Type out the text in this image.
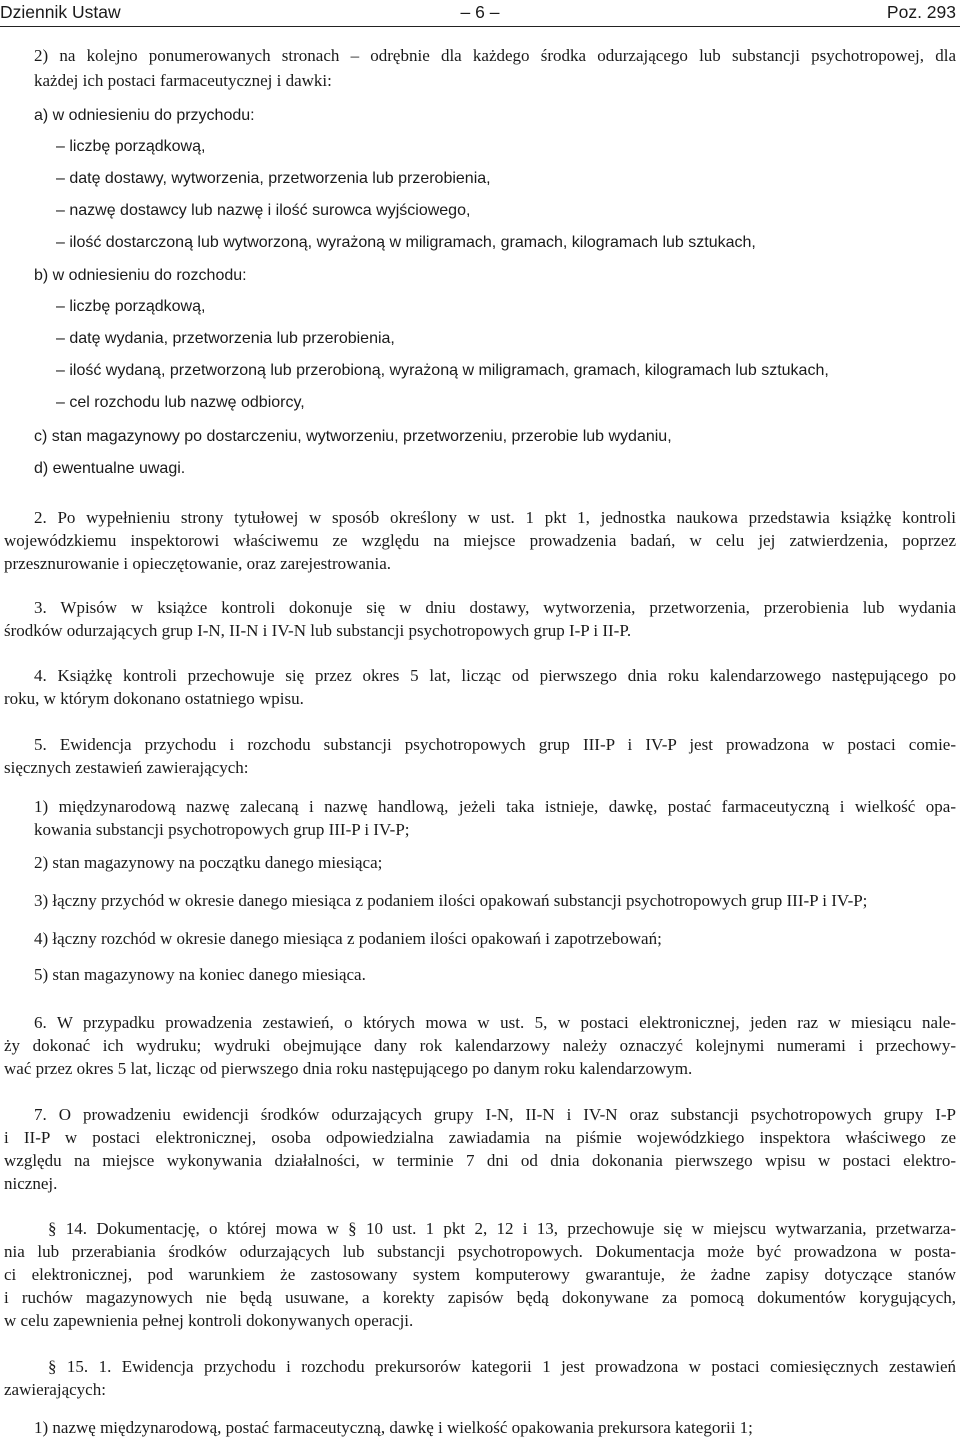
Dziennik Ustaw	– 6 –	Poz. 293
2) na kolejno ponumerowanych stronach – odrębnie dla każdego środka odurzającego lub substancji psychotropowej, dla
każdej ich postaci farmaceutycznej i dawki:
a) w odniesieniu do przychodu:
– liczbę porządkową,
– datę dostawy, wytworzenia, przetworzenia lub przerobienia,
– nazwę dostawcy lub nazwę i ilość surowca wyjściowego,
– ilość dostarczoną lub wytworzoną, wyrażoną w miligramach, gramach, kilogramach lub sztukach,
b) w odniesieniu do rozchodu:
– liczbę porządkową,
– datę wydania, przetworzenia lub przerobienia,
– ilość wydaną, przetworzoną lub przerobioną, wyrażoną w miligramach, gramach, kilogramach lub sztukach,
– cel rozchodu lub nazwę odbiorcy,
c) stan magazynowy po dostarczeniu, wytworzeniu, przetworzeniu, przerobie lub wydaniu,
d) ewentualne uwagi.
2. Po wypełnieniu strony tytułowej w sposób określony w ust. 1 pkt 1, jednostka naukowa przedstawia książkę kontroli
wojewódzkiemu inspektorowi właściwemu ze względu na miejsce prowadzenia badań, w celu jej zatwierdzenia, poprzez
przesznurowanie i opieczętowanie, oraz zarejestrowania.
3. Wpisów w książce kontroli dokonuje się w dniu dostawy, wytworzenia, przetworzenia, przerobienia lub wydania
środków odurzających grup I-N, II-N i IV-N lub substancji psychotropowych grup I-P i II-P.
4. Książkę kontroli przechowuje się przez okres 5 lat, licząc od pierwszego dnia roku kalendarzowego następującego po
roku, w którym dokonano ostatniego wpisu.
5. Ewidencja przychodu i rozchodu substancji psychotropowych grup III-P i IV-P jest prowadzona w postaci comie-
sięcznych zestawień zawierających:
1) międzynarodową nazwę zalecaną i nazwę handlową, jeżeli taka istnieje, dawkę, postać farmaceutyczną i wielkość opa-
kowania substancji psychotropowych grup III-P i IV-P;
2) stan magazynowy na początku danego miesiąca;
3) łączny przychód w okresie danego miesiąca z podaniem ilości opakowań substancji psychotropowych grup III-P i IV-P;
4) łączny rozchód w okresie danego miesiąca z podaniem ilości opakowań i zapotrzebowań;
5) stan magazynowy na koniec danego miesiąca.
6. W przypadku prowadzenia zestawień, o których mowa w ust. 5, w postaci elektronicznej, jeden raz w miesiącu nale-
ży dokonać ich wydruku; wydruki obejmujące dany rok kalendarzowy należy oznaczyć kolejnymi numerami i przechowy-
wać przez okres 5 lat, licząc od pierwszego dnia roku następującego po danym roku kalendarzowym.
7. O prowadzeniu ewidencji środków odurzających grupy I-N, II-N i IV-N oraz substancji psychotropowych grupy I-P
i II-P w postaci elektronicznej, osoba odpowiedzialna zawiadamia na piśmie wojewódzkiego inspektora właściwego ze
względu na miejsce wykonywania działalności, w terminie 7 dni od dnia dokonania pierwszego wpisu w postaci elektro-
nicznej.
§ 14. Dokumentację, o której mowa w § 10 ust. 1 pkt 2, 12 i 13, przechowuje się w miejscu wytwarzania, przetwarza-
nia lub przerabiania środków odurzających lub substancji psychotropowych. Dokumentacja może być prowadzona w posta-
ci elektronicznej, pod warunkiem że zastosowany system komputerowy gwarantuje, że żadne zapisy dotyczące stanów
i ruchów magazynowych nie będą usuwane, a korekty zapisów będą dokonywane za pomocą dokumentów korygujących,
w celu zapewnienia pełnej kontroli dokonywanych operacji.
§ 15. 1. Ewidencja przychodu i rozchodu prekursorów kategorii 1 jest prowadzona w postaci comiesięcznych zestawień
zawierających:
1) nazwę międzynarodową, postać farmaceutyczną, dawkę i wielkość opakowania prekursora kategorii 1;
